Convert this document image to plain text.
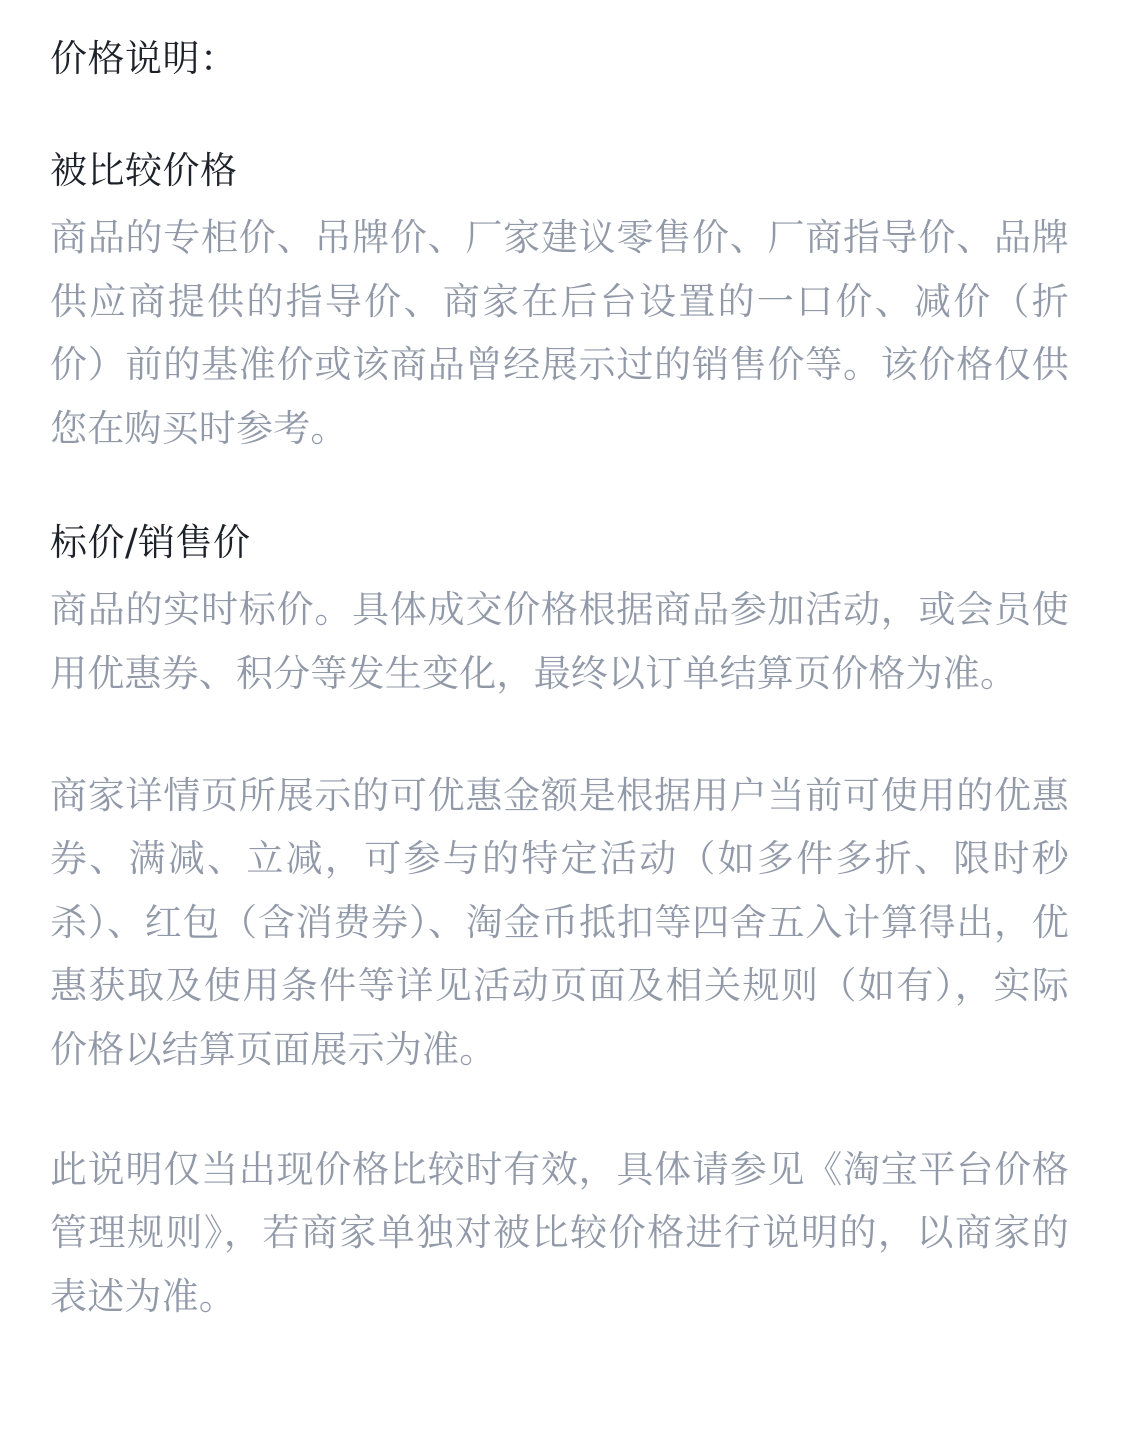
价格说明：
被比较价格

商品的专柜价、吊牌价、厂家建议零售价、厂商指导价、品牌供应商提供的指导价、商家在后台设置的一口价、减价（折价）前的基准价或该商品曾经展示过的销售价等。该价格仅供您在购买时参考。

标价/销售价

商品的实时标价。具体成交价格根据商品参加活动，或会员使用优惠券、积分等发生变化，最终以订单结算页价格为准。

商家详情页所展示的可优惠金额是根据用户当前可使用的优惠券、满减、立减，可参与的特定活动（如多件多折、限时秒杀）、红包（含消费券）、淘金币抵扣等四舍五入计算得出，优惠获取及使用条件等详见活动页面及相关规则（如有），实际价格以结算页面展示为准。

此说明仅当出现价格比较时有效，具体请参见《淘宝平台价格管理规则》，若商家单独对被比较价格进行说明的，以商家的表述为准。
